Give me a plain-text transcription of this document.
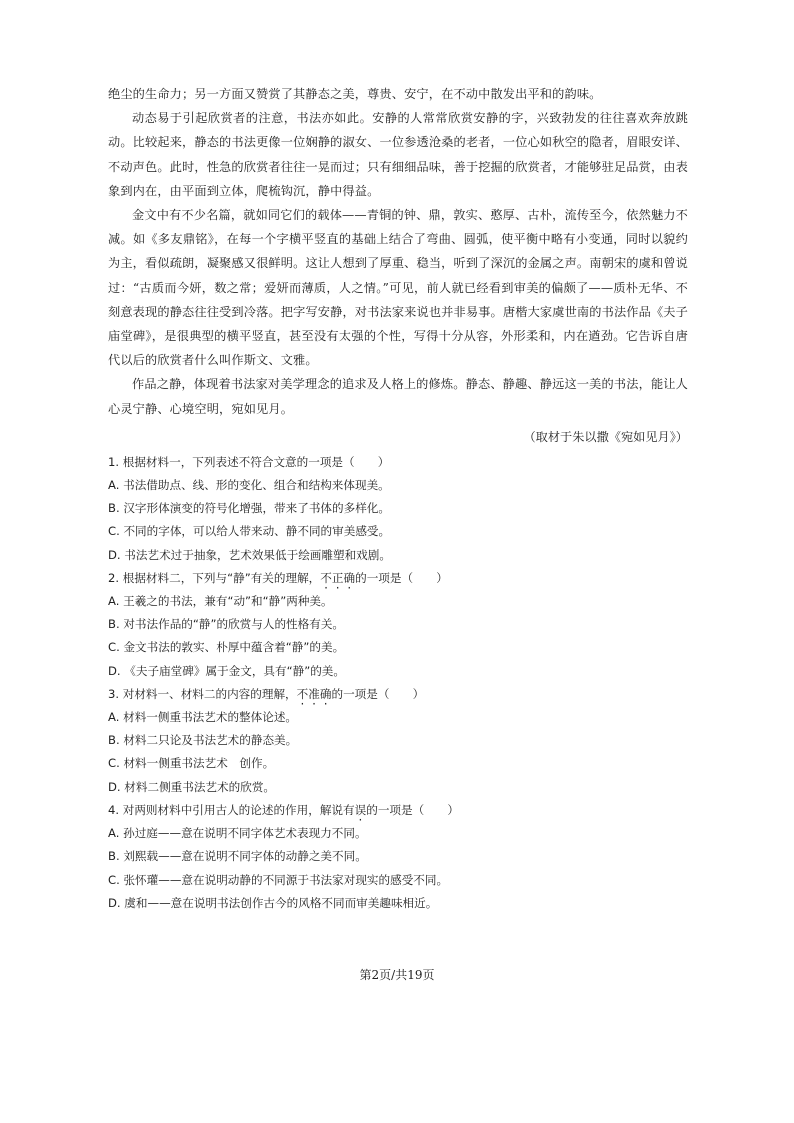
绝尘的生命力；另一方面又赞赏了其静态之美，尊贵、安宁，在不动中散发出平和的韵味。

动态易于引起欣赏者的注意，书法亦如此。安静的人常常欣赏安静的字，兴致勃发的往往喜欢奔放跳动。比较起来，静态的书法更像一位娴静的淑女、一位参透沧桑的老者，一位心如秋空的隐者，眉眼安详、不动声色。此时，性急的欣赏者往往一晃而过；只有细细品味，善于挖掘的欣赏者，才能够驻足品赏，由表象到内在，由平面到立体，爬梳钩沉，静中得益。

金文中有不少名篇，就如同它们的载体——青铜的钟、鼎，敦实、憨厚、古朴，流传至今，依然魅力不减。如《多友鼎铭》，在每一个字横平竖直的基础上结合了弯曲、圆弧，使平衡中略有小变通，同时以貌约为主，看似疏朗，凝聚感又很鲜明。这让人想到了厚重、稳当，听到了深沉的金属之声。南朝宋的虞和曾说过：“古质而今妍，数之常；爱妍而薄质，人之情。”可见，前人就已经看到审美的偏颇了——质朴无华、不刻意表现的静态往往受到冷落。把字写安静，对书法家来说也并非易事。唐楷大家虞世南的书法作品《夫子庙堂碑》，是很典型的横平竖直，甚至没有太强的个性，写得十分从容，外形柔和，内在遒劲。它告诉自唐代以后的欣赏者什么叫作斯文、文雅。

作品之静，体现着书法家对美学理念的追求及人格上的修炼。静态、静趣、静远这一美的书法，能让人心灵宁静、心境空明，宛如见月。

（取材于朱以撒《宛如见月》）

1. 根据材料一，下列表述不符合文意的一项是（　　）
A. 书法借助点、线、形的变化、组合和结构来体现美。
B. 汉字形体演变的符号化增强，带来了书体的多样化。
C. 不同的字体，可以给人带来动、静不同的审美感受。
D. 书法艺术过于抽象，艺术效果低于绘画雕塑和戏剧。
2. 根据材料二，下列与“静”有关的理解，不正确的一项是（　　）
A. 王羲之的书法，兼有“动”和“静”两种美。
B. 对书法作品的“静”的欣赏与人的性格有关。
C. 金文书法的敦实、朴厚中蕴含着“静”的美。
D. 《夫子庙堂碑》属于金文，具有“静”的美。
3. 对材料一、材料二的内容的理解，不准确的一项是（　　）
A. 材料一侧重书法艺术的整体论述。
B. 材料二只论及书法艺术的静态美。
C. 材料一侧重书法艺术　创作。
D. 材料二侧重书法艺术的欣赏。
4. 对两则材料中引用古人的论述的作用，解说有误的一项是（　　）
A. 孙过庭——意在说明不同字体艺术表现力不同。
B. 刘熙载——意在说明不同字体的动静之美不同。
C. 张怀瓘——意在说明动静的不同源于书法家对现实的感受不同。
D. 虞和——意在说明书法创作古今的风格不同而审美趣味相近。
第2页/共19页
